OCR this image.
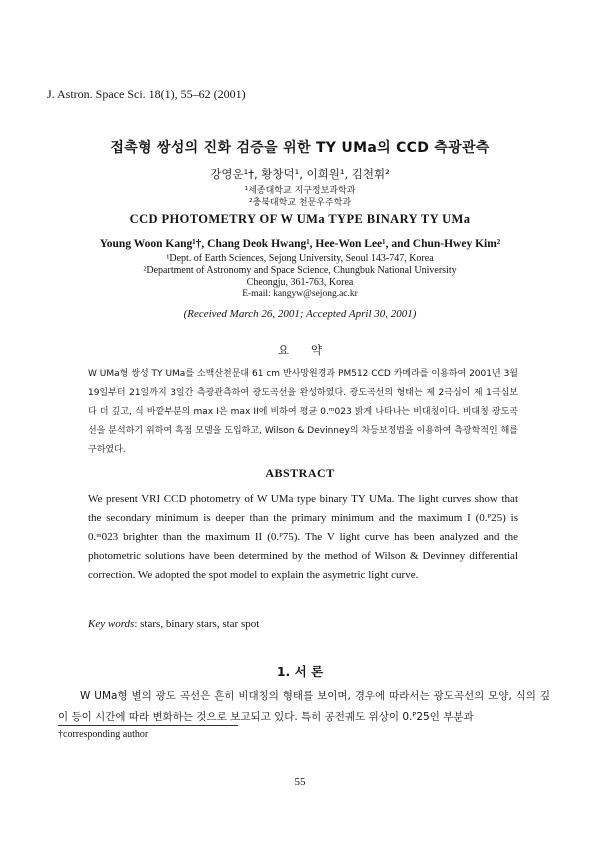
J. Astron. Space Sci. 18(1), 55–62 (2001)
접촉형 쌍성의 진화 검증을 위한 TY UMa의 CCD 측광관측
강영운¹†, 황창덕¹, 이희원¹, 김천휘²
¹세종대학교 지구정보과학과
²충북대학교 천문우주학과
CCD PHOTOMETRY OF W UMa TYPE BINARY TY UMa
Young Woon Kang¹†, Chang Deok Hwang¹, Hee-Won Lee¹, and Chun-Hwey Kim²
¹Dept. of Earth Sciences, Sejong University, Seoul 143-747, Korea
²Department of Astronomy and Space Science, Chungbuk National University
Cheongju, 361-763, Korea
E-mail: kangyw@sejong.ac.kr
(Received March 26, 2001; Accepted April 30, 2001)
요약
W UMa형 쌍성 TY UMa를 소백산천문대 61 cm 반사망원경과 PM512 CCD 카메라를 이용하여 2001년 3월 19일부터 21일까지 3일간 측광관측하여 광도곡선을 완성하였다. 광도곡선의 형태는 제 2극심이 제 1극심보다 더 깊고, 식 바깥부분의 max I은 max II에 비하여 평균 0.ᵐ023 밝게 나타나는 비대칭이다. 비대칭 광도곡선을 분석하기 위하여 흑점 모델을 도입하고, Wilson & Devinney의 차등보정법을 이용하여 측광학적인 해를 구하였다.
ABSTRACT
We present VRI CCD photometry of W UMa type binary TY UMa. The light curves show that the secondary minimum is deeper than the primary minimum and the maximum I (0.ᴾ25) is 0.ᵐ023 brighter than the maximum II (0.ᴾ75). The V light curve has been analyzed and the photometric solutions have been determined by the method of Wilson & Devinney differential correction. We adopted the spot model to explain the asymetric light curve.
Key words: stars, binary stars, star spot
1. 서 론
W UMa형 별의 광도 곡선은 흔히 비대칭의 형태를 보이며, 경우에 따라서는 광도곡선의 모양, 식의 깊이 등이 시간에 따라 변화하는 것으로 보고되고 있다. 특히 공전궤도 위상이 0.ᴾ25인 부분과
†corresponding author
55
